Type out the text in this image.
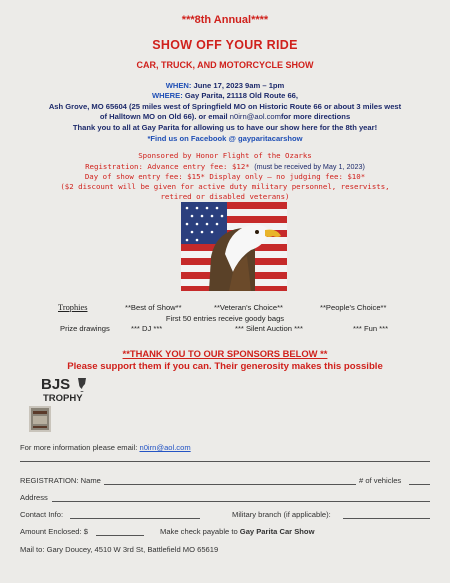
***8th Annual****
SHOW OFF YOUR RIDE
CAR, TRUCK, AND MOTORCYCLE SHOW
WHEN: June 17, 2023 9am – 1pm
WHERE: Gay Parita, 21118 Old Route 66,
Ash Grove, MO 65604 (25 miles west of Springfield MO on Historic Route 66 or about 3 miles west
of Halltown MO on Old 66). or email n0irn@aol.comfor more directions
Thank you to all at Gay Parita for allowing us to have our show here for the 8th year!
*Find us on Facebook @ gayparitacarshow
Sponsored by Honor Flight of the Ozarks
Registration: Advance entry fee: $12* (must be received by May 1, 2023)
Day of show entry fee: $15* Display only – no judging fee: $10*
($2 discount will be given for active duty military personnel, reservists,
retired or disabled veterans)
Trophies	**Best of Show**	**Veteran's Choice**	**People's Choice**
First 50 entries receive goody bags
Prize drawings	*** DJ ***	*** Silent Auction ***	*** Fun ***
**THANK YOU TO OUR SPONSORS BELOW **
Please support them if you can. Their generosity makes this possible
BJS
TROPHY
For more information please email: n0irn@aol.com
REGISTRATION: Name	# of vehicles
Address
Contact Info:	Military branch (if applicable):
Amount Enclosed: $	Make check payable to Gay Parita Car Show
Mail to: Gary Doucey, 4510 W 3rd St, Battlefield MO 65619
